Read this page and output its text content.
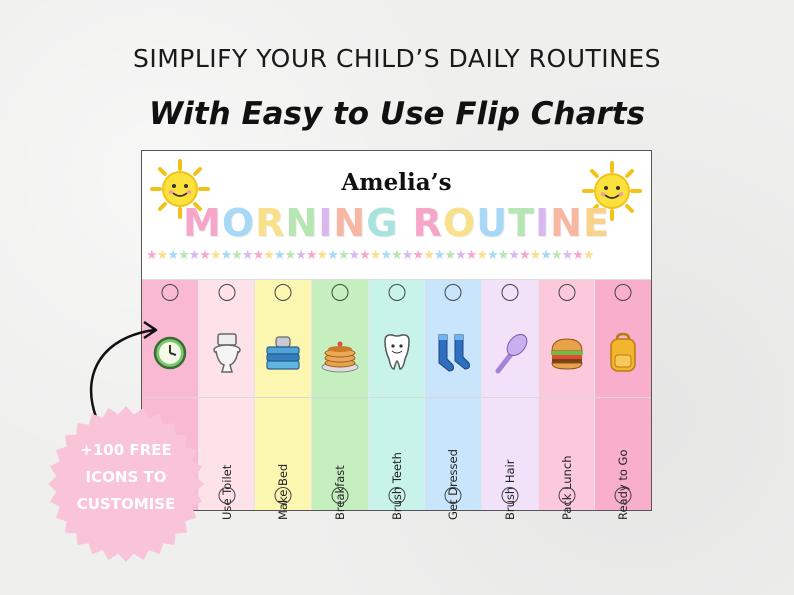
SIMPLIFY YOUR CHILD’S DAILY ROUTINES
With Easy to Use Flip Charts
Amelia’s
MORNING ROUTINE
★★★★★★★★★★★★★★★★★★★★★★★★★★★★★★★★★★★★★★★★★★
Use Toilet	Make Bed	Breakfast	Brush Teeth	Get Dressed	Brush Hair	Pack Lunch	Ready to Go
+100 FREE
ICONS TO
CUSTOMISE
